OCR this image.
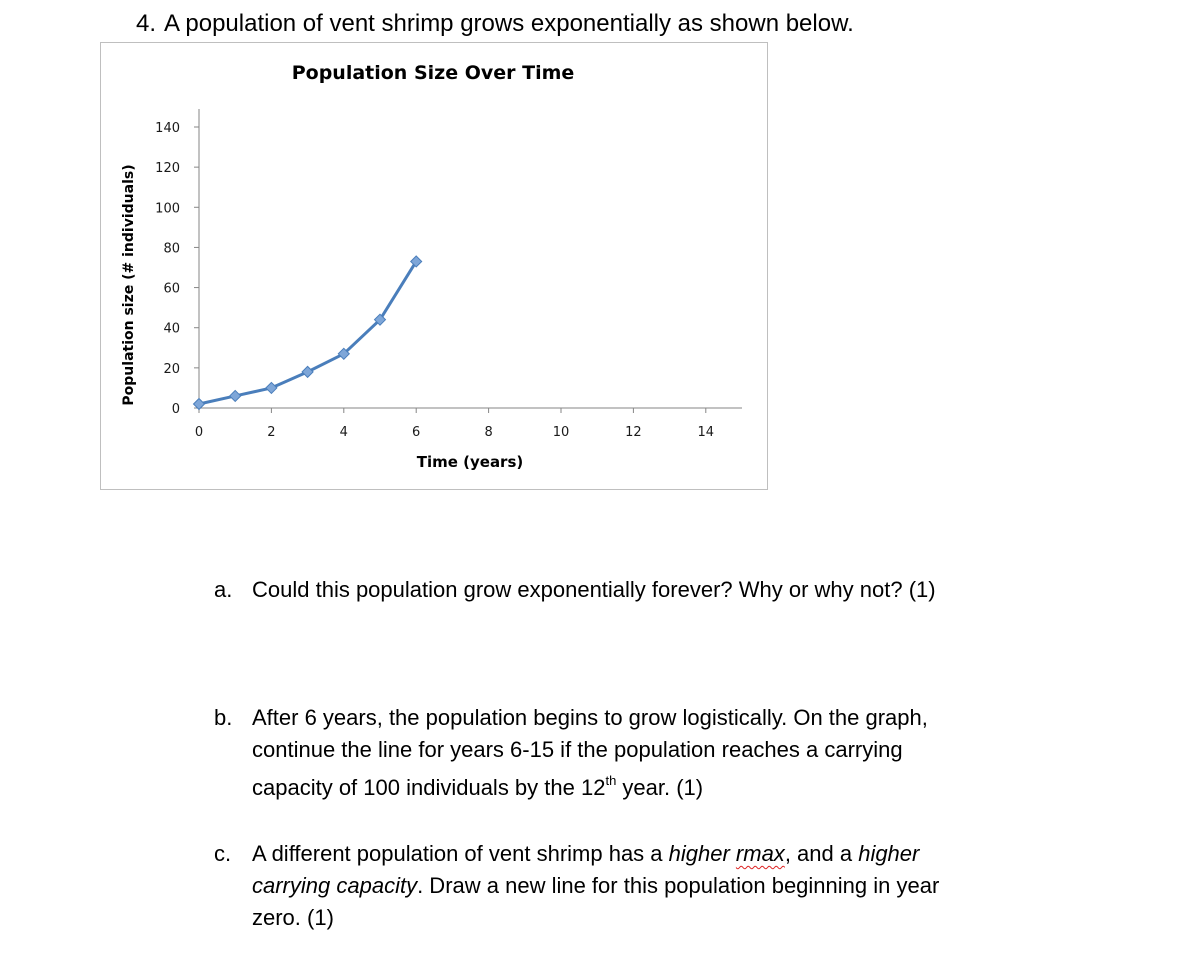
4. A population of vent shrimp grows exponentially as shown below.
Population Size Over Time
Population size (# individuals)
Time (years)
0
20
40
60
80
100
120
140
0	2	4	6	8	10	12	14
a. Could this population grow exponentially forever? Why or why not? (1)
b. After 6 years, the population begins to grow logistically. On the graph,
continue the line for years 6-15 if the population reaches a carrying
capacity of 100 individuals by the 12th year. (1)
c. A different population of vent shrimp has a higher rmax, and a higher
carrying capacity. Draw a new line for this population beginning in year
zero. (1)
